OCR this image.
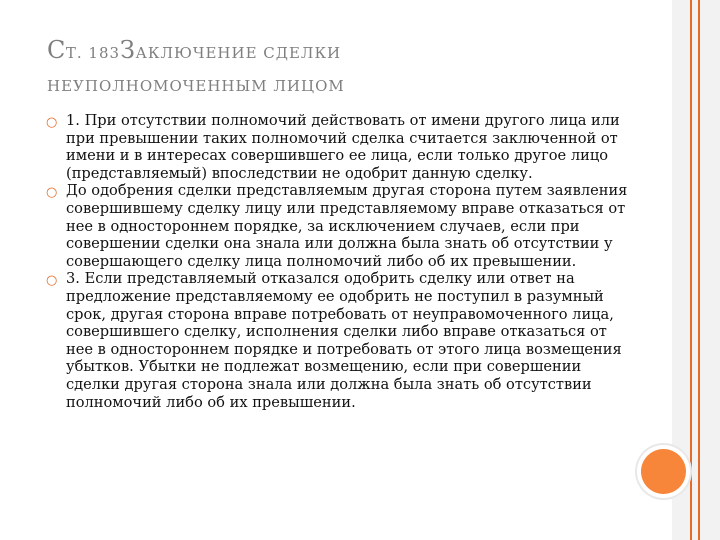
СТ. 183ЗАКЛЮЧЕНИЕ СДЕЛКИ
НЕУПОЛНОМОЧЕННЫМ ЛИЦОМ
○ 1. При отсутствии полномочий действовать от имени другого лица или при превышении таких полномочий сделка считается заключенной от имени и в интересах совершившего ее лица, если только другое лицо (представляемый) впоследствии не одобрит данную сделку.
○ До одобрения сделки представляемым другая сторона путем заявления совершившему сделку лицу или представляемому вправе отказаться от нее в одностороннем порядке, за исключением случаев, если при совершении сделки она знала или должна была знать об отсутствии у совершающего сделку лица полномочий либо об их превышении.
○ 3. Если представляемый отказался одобрить сделку или ответ на предложение представляемому ее одобрить не поступил в разумный срок, другая сторона вправе потребовать от неуправомоченного лица, совершившего сделку, исполнения сделки либо вправе отказаться от нее в одностороннем порядке и потребовать от этого лица возмещения убытков. Убытки не подлежат возмещению, если при совершении сделки другая сторона знала или должна была знать об отсутствии полномочий либо об их превышении.
